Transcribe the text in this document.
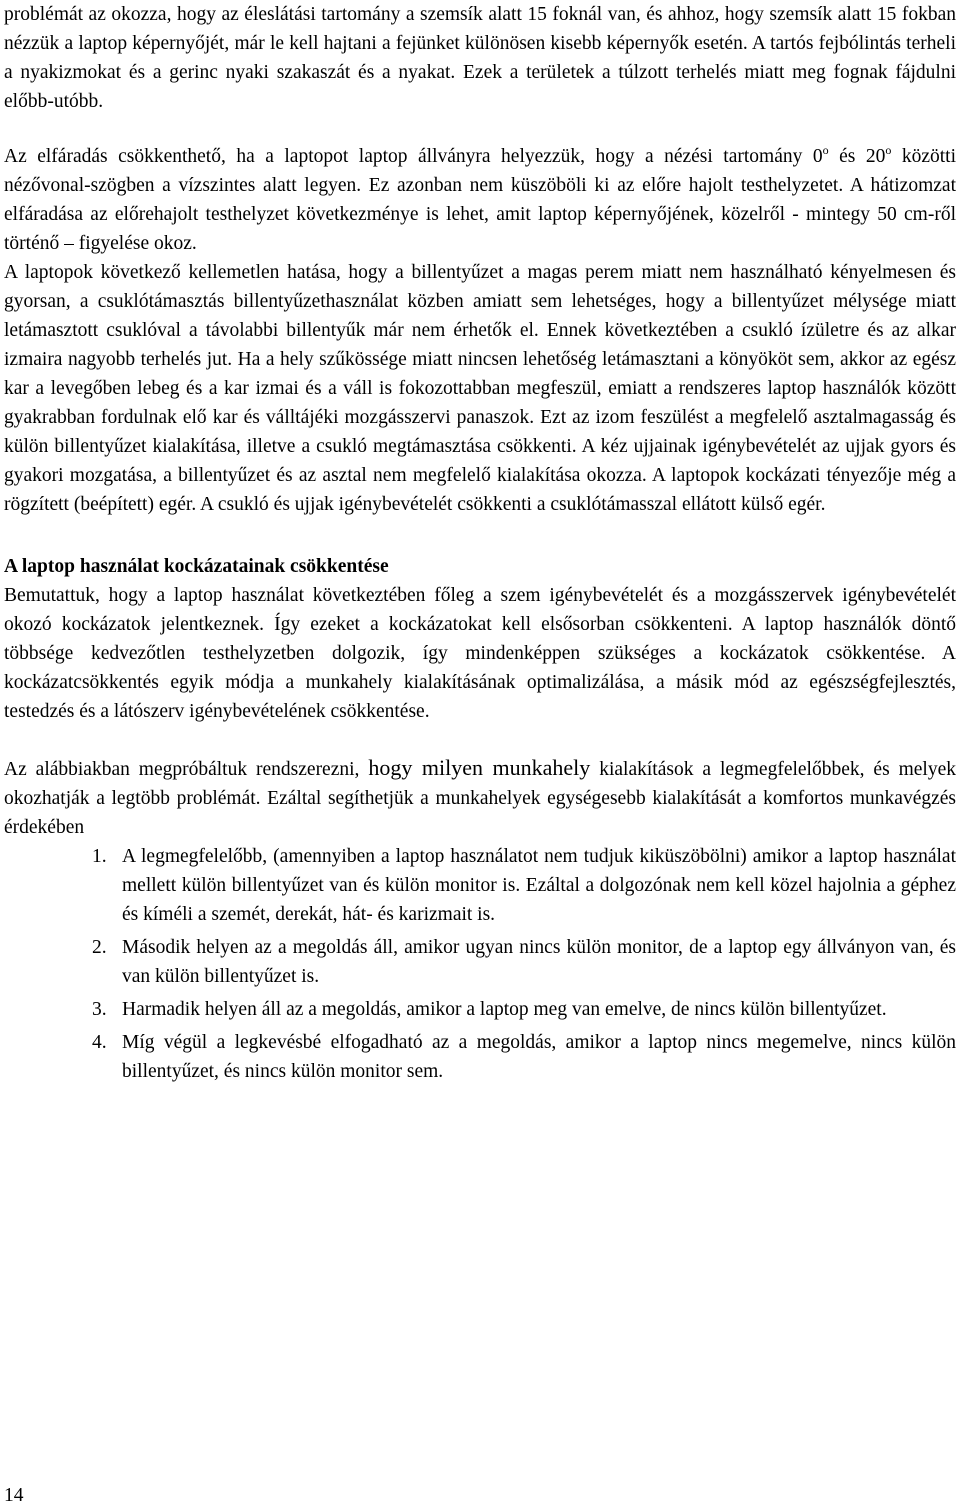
problémát az okozza, hogy az éleslátási tartomány a szemsík alatt 15 foknál van, és ahhoz, hogy szemsík alatt 15 fokban nézzük a laptop képernyőjét, már le kell hajtani a fejünket különösen kisebb képernyők esetén. A tartós fejbólintás terheli a nyakizmokat és a gerinc nyaki szakaszát és a nyakat. Ezek a területek a túlzott terhelés miatt meg fognak fájdulni előbb-utóbb.

Az elfáradás csökkenthető, ha a laptopot laptop állványra helyezzük, hogy a nézési tartomány 0$^o$ és 20$^o$ közötti nézővonal-szögben a vízszintes alatt legyen. Ez azonban nem küszöböli ki az előre hajolt testhelyzetet. A hátizomzat elfáradása az előrehajolt testhelyzet következménye is lehet, amit laptop képernyőjének, közelről - mintegy 50 cm-ről történő – figyelése okoz.

A laptopok következő kellemetlen hatása, hogy a billentyűzet a magas perem miatt nem használható kényelmesen és gyorsan, a csuklótámasztás billentyűzethasználat közben amiatt sem lehetséges, hogy a billentyűzet mélysége miatt letámasztott csuklóval a távolabbi billentyűk már nem érhetők el. Ennek következtében a csukló ízületre és az alkar izmaira nagyobb terhelés jut. Ha a hely szűkössége miatt nincsen lehetőség letámasztani a könyököt sem, akkor az egész kar a levegőben lebeg és a kar izmai és a váll is fokozottabban megfeszül, emiatt a rendszeres laptop használók között gyakrabban fordulnak elő kar és válltájéki mozgásszervi panaszok. Ezt az izom feszülést a megfelelő asztalmagasság és külön billentyűzet kialakítása, illetve a csukló megtámasztása csökkenti. A kéz ujjainak igénybevételét az ujjak gyors és gyakori mozgatása, a billentyűzet és az asztal nem megfelelő kialakítása okozza. A laptopok kockázati tényezője még a rögzített (beépített) egér. A csukló és ujjak igénybevételét csökkenti a csuklótámasszal ellátott külső egér.

A laptop használat kockázatainak csökkentése

Bemutattuk, hogy a laptop használat következtében főleg a szem igénybevételét és a mozgásszervek igénybevételét okozó kockázatok jelentkeznek. Így ezeket a kockázatokat kell elsősorban csökkenteni. A laptop használók döntő többsége kedvezőtlen testhelyzetben dolgozik, így mindenképpen szükséges a kockázatok csökkentése. A kockázatcsökkentés egyik módja a munkahely kialakításának optimalizálása, a másik mód az egészségfejlesztés, testedzés és a látószerv igénybevételének csökkentése.

Az alábbiakban megpróbáltuk rendszerezni, hogy milyen munkahely kialakítások a legmegfelelőbbek, és melyek okozhatják a legtöbb problémát. Ezáltal segíthetjük a munkahelyek egységesebb kialakítását a komfortos munkavégzés érdekében

1. A legmegfelelőbb, (amennyiben a laptop használatot nem tudjuk kiküszöbölni) amikor a laptop használat mellett külön billentyűzet van és külön monitor is. Ezáltal a dolgozónak nem kell közel hajolnia a géphez és kíméli a szemét, derekát, hát- és karizmait is.
2. Második helyen az a megoldás áll, amikor ugyan nincs külön monitor, de a laptop egy állványon van, és van külön billentyűzet is.
3. Harmadik helyen áll az a megoldás, amikor a laptop meg van emelve, de nincs külön billentyűzet.
4. Míg végül a legkevésbé elfogadható az a megoldás, amikor a laptop nincs megemelve, nincs külön billentyűzet, és nincs külön monitor sem.
14
